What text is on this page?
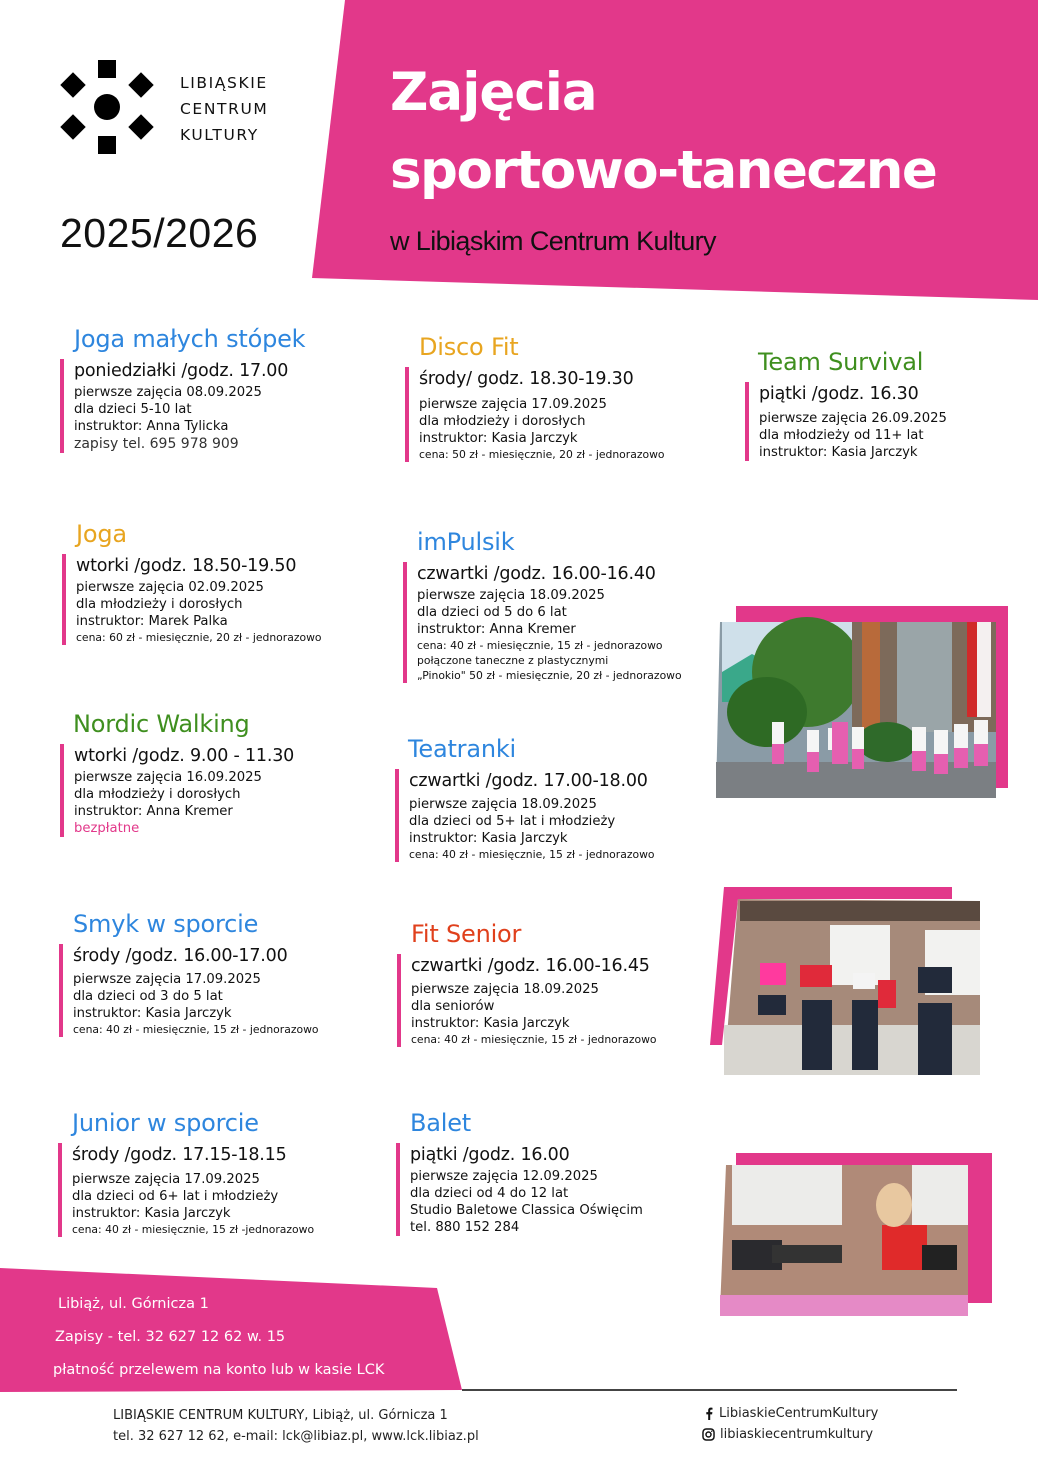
LIBIĄSKIE
CENTRUM
KULTURY
2025/2026
Zajęcia
sportowo-taneczne
w Libiąskim Centrum Kultury
Joga małych stópek
poniedziałki /godz. 17.00
pierwsze zajęcia 08.09.2025
dla dzieci 5-10 lat
instruktor: Anna Tylicka
zapisy tel. 695 978 909
Disco Fit
środy/ godz. 18.30-19.30
pierwsze zajęcia 17.09.2025
dla młodzieży i dorosłych
instruktor: Kasia Jarczyk
cena: 50 zł - miesięcznie, 20 zł - jednorazowo
Team Survival
piątki /godz. 16.30
pierwsze zajęcia 26.09.2025
dla młodzieży od 11+ lat
instruktor: Kasia Jarczyk
Joga
wtorki /godz. 18.50-19.50
pierwsze zajęcia 02.09.2025
dla młodzieży i dorosłych
instruktor: Marek Palka
cena: 60 zł - miesięcznie, 20 zł - jednorazowo
imPulsik
czwartki /godz. 16.00-16.40
pierwsze zajęcia 18.09.2025
dla dzieci od 5 do 6 lat
instruktor: Anna Kremer
cena: 40 zł - miesięcznie, 15 zł - jednorazowo
połączone taneczne z plastycznymi
„Pinokio" 50 zł - miesięcznie, 20 zł - jednorazowo
Nordic Walking
wtorki /godz. 9.00 - 11.30
pierwsze zajęcia 16.09.2025
dla młodzieży i dorosłych
instruktor: Anna Kremer
bezpłatne
Teatranki
czwartki /godz. 17.00-18.00
pierwsze zajęcia 18.09.2025
dla dzieci od 5+ lat i młodzieży
instruktor: Kasia Jarczyk
cena: 40 zł - miesięcznie, 15 zł - jednorazowo
Smyk w sporcie
środy /godz. 16.00-17.00
pierwsze zajęcia 17.09.2025
dla dzieci od 3 do 5 lat
instruktor: Kasia Jarczyk
cena: 40 zł - miesięcznie, 15 zł - jednorazowo
Fit Senior
czwartki /godz. 16.00-16.45
pierwsze zajęcia 18.09.2025
dla seniorów
instruktor: Kasia Jarczyk
cena: 40 zł - miesięcznie, 15 zł - jednorazowo
Junior w sporcie
środy /godz. 17.15-18.15
pierwsze zajęcia 17.09.2025
dla dzieci od 6+ lat i młodzieży
instruktor: Kasia Jarczyk
cena: 40 zł - miesięcznie, 15 zł -jednorazowo
Balet
piątki /godz. 16.00
pierwsze zajęcia 12.09.2025
dla dzieci od 4 do 12 lat
Studio Baletowe Classica Oświęcim
tel. 880 152 284
Libiąż, ul. Górnicza 1
Zapisy - tel. 32 627 12 62 w. 15
płatność przelewem na konto lub w kasie LCK
LIBIĄSKIE CENTRUM KULTURY, Libiąż, ul. Górnicza 1
tel. 32 627 12 62, e-mail: lck@libiaz.pl, www.lck.libiaz.pl
LibiaskieCentrumKultury
libiaskiecentrumkultury
